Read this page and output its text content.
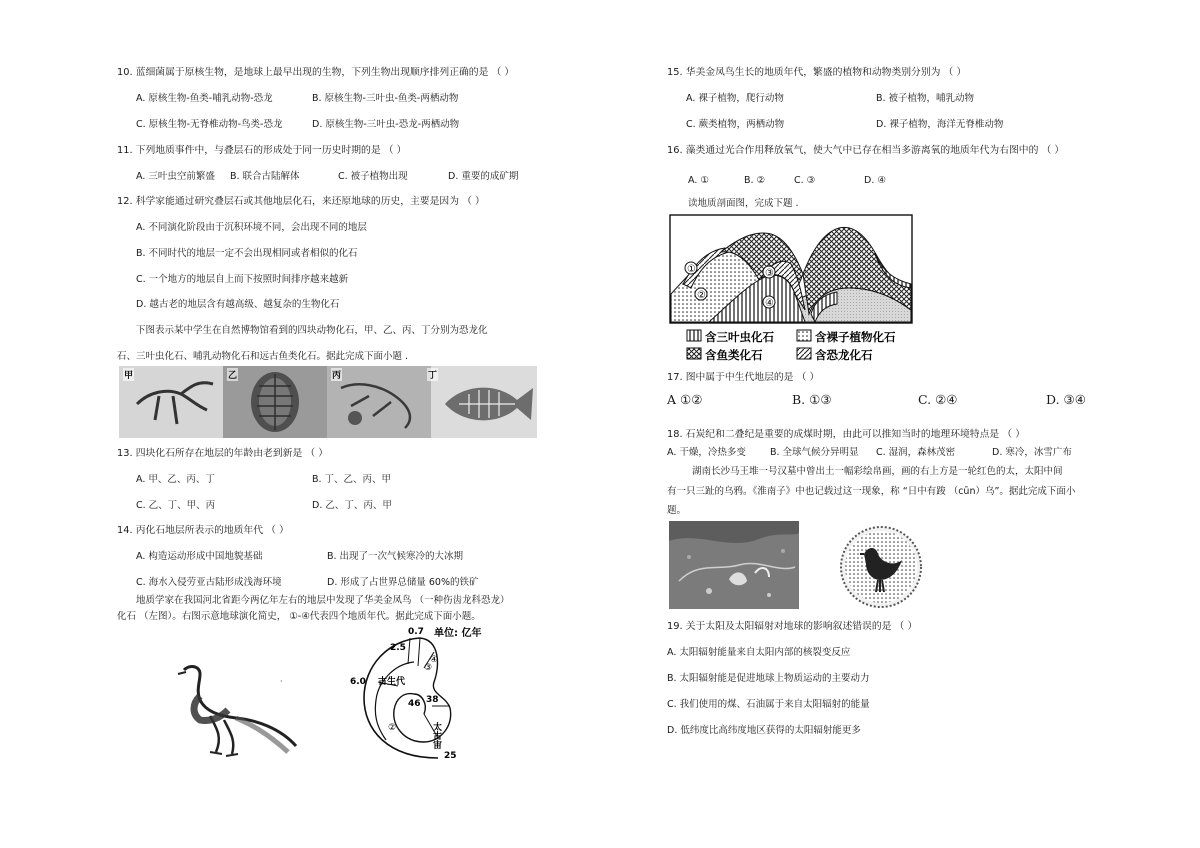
10. 蓝细菌属于原核生物，是地球上最早出现的生物，下列生物出现顺序排列正确的是 （ ）
A. 原核生物-鱼类-哺乳动物-恐龙	B. 原核生物-三叶虫-鱼类-两栖动物
C. 原核生物-无脊椎动物-鸟类-恐龙	D. 原核生物-三叶虫-恐龙-两栖动物
11. 下列地质事件中，与叠层石的形成处于同一历史时期的是 （ ）
A. 三叶虫空前繁盛 B. 联合古陆解体	C. 被子植物出现	D. 重要的成矿期
12. 科学家能通过研究叠层石或其他地层化石，来还原地球的历史，主要是因为 （ ）
A. 不同演化阶段由于沉积环境不同，会出现不同的地层
B. 不同时代的地层一定不会出现相同或者相似的化石
C. 一个地方的地层自上而下按照时间排序越来越新
D. 越古老的地层含有越高级、越复杂的生物化石
下图表示某中学生在自然博物馆看到的四块动物化石，甲、乙、丙、丁分别为恐龙化
石、三叶虫化石、哺乳动物化石和远古鱼类化石。据此完成下面小题 .
甲	乙	丙	丁
13. 四块化石所存在地层的年龄由老到新是 （ ）
A. 甲、乙、丙、丁	B. 丁、乙、丙、甲
C. 乙、丁、甲、丙	D. 乙、丁、丙、甲
14. 丙化石地层所表示的地质年代 （ ）
A. 构造运动形成中国地貌基础	B. 出现了一次气候寒冷的大冰期
C. 海水入侵劳亚古陆形成浅海环境	D. 形成了占世界总储量 60%的铁矿
地质学家在我国河北省距今两亿年左右的地层中发现了华美金凤鸟 （一种伤齿龙科恐龙）
化石 （左图）。右图示意地球演化简史， ①-④代表四个地质年代。据此完成下面小题。
·
2.5
0.7 单位: 亿年
6.0 古生代
③
④
38
46
太古宙
②
25
15. 华美金凤鸟生长的地质年代，繁盛的植物和动物类别分别为 （ ）
A. 裸子植物，爬行动物	B. 被子植物，哺乳动物
C. 蕨类植物，两栖动物	D. 裸子植物，海洋无脊椎动物
16. 藻类通过光合作用释放氧气，使大气中已存在相当多游离氧的地质年代为右图中的 （ ）
A. ①	B. ②	C. ③	D. ④
读地质剖面图，完成下题 .
①
②
③
④
含三叶虫化石	含裸子植物化石
含鱼类化石	含恐龙化石
17. 图中属于中生代地层的是 （ ）
A ①②	B. ①③	C. ②④	D. ③④
18. 石炭纪和二叠纪是重要的成煤时期，由此可以推知当时的地理环境特点是 （ ）
A. 干燥，冷热多变	B. 全球气候分异明显 C. 湿润，森林茂密	D. 寒冷，冰雪广布
湖南长沙马王堆一号汉墓中曾出土一幅彩绘帛画，画的右上方是一轮红色的太，太阳中间
有一只三趾的乌鸦。《淮南子》中也记载过这一现象，称 “日中有踆 （cūn）乌”。据此完成下面小
题。
19. 关于太阳及太阳辐射对地球的影响叙述错误的是 （ ）
A. 太阳辐射能量来自太阳内部的核裂变反应
B. 太阳辐射能是促进地球上物质运动的主要动力
C. 我们使用的煤、石油属于来自太阳辐射的能量
D. 低纬度比高纬度地区获得的太阳辐射能更多
